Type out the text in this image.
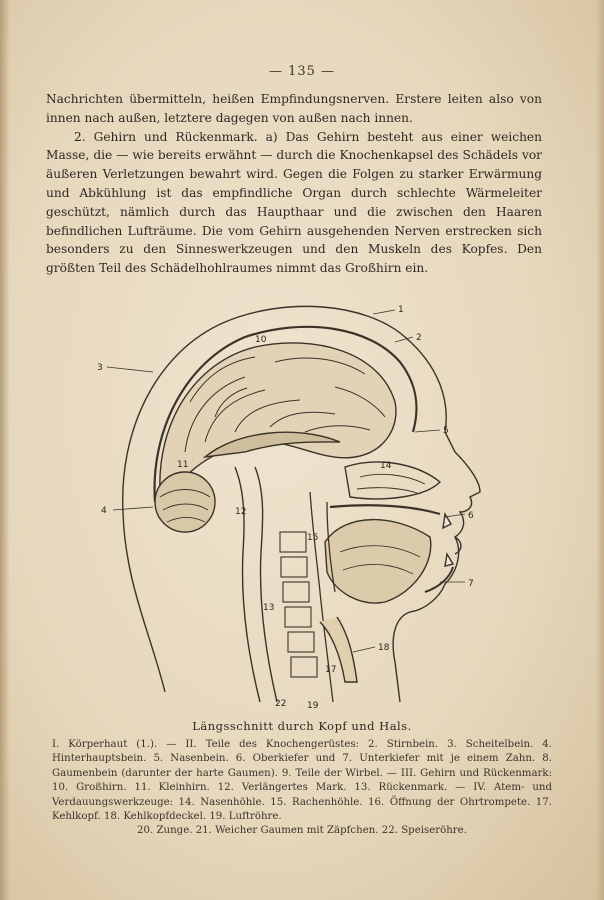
— 135 —

Nachrichten übermitteln, heißen Empfindungsnerven. Erstere leiten also von innen nach außen, letztere dagegen von außen nach innen.

2. Gehirn und Rückenmark. a) Das Gehirn besteht aus einer weichen Masse, die — wie bereits erwähnt — durch die Knochenkapsel des Schädels vor äußeren Verletzungen bewahrt wird. Gegen die Folgen zu starker Erwärmung und Abkühlung ist das empfindliche Organ durch schlechte Wärmeleiter geschützt, nämlich durch das Haupthaar und die zwischen den Haaren befindlichen Lufträume. Die vom Gehirn ausgehenden Nerven erstrecken sich besonders zu den Sinneswerkzeugen und den Muskeln des Kopfes. Den größten Teil des Schädelhohlraumes nimmt das Großhirn ein.

1
2
3
4
5
6
7
10
11
12
13
14
15
17
18
19
22
Längsschnitt durch Kopf und Hals.
I. Körperhaut (1.). — II. Teile des Knochengerüstes: 2. Stirnbein. 3. Scheitelbein. 4. Hinterhauptsbein. 5. Nasenbein. 6. Oberkiefer und 7. Unterkiefer mit je einem Zahn. 8. Gaumenbein (darunter der harte Gaumen). 9. Teile der Wirbel. — III. Gehirn und Rückenmark: 10. Großhirn. 11. Kleinhirn. 12. Verlängertes Mark. 13. Rückenmark. — IV. Atem- und Verdauungswerkzeuge: 14. Nasenhöhle. 15. Rachenhöhle. 16. Öffnung der Ohrtrompete. 17. Kehlkopf. 18. Kehlkopfdeckel. 19. Luftröhre.
20. Zunge. 21. Weicher Gaumen mit Zäpfchen. 22. Speiseröhre.
